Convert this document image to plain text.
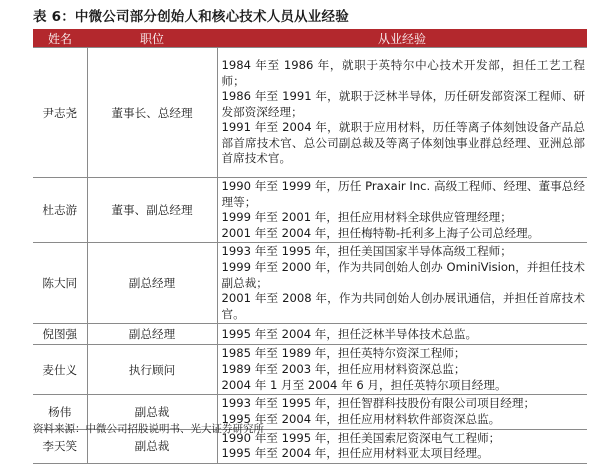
表 6：中微公司部分创始人和核心技术人员从业经验
姓名	职位	从业经验
尹志尧	董事长、总经理	1984 年至 1986 年，就职于英特尔中心技术开发部，担任工艺工程师；
1986 年至 1991 年，就职于泛林半导体，历任研发部资深工程师、研发部资深经理；
1991 年至 2004 年，就职于应用材料，历任等离子体刻蚀设备产品总部首席技术官、总公司副总裁及等离子体刻蚀事业群总经理、亚洲总部首席技术官。

杜志游	董事、副总经理	1990 年至 1999 年，历任 Praxair Inc. 高级工程师、经理、董事总经理等；
1999 年至 2001 年，担任应用材料全球供应管理经理；
2001 年至 2004 年，担任梅特勒-托利多上海子公司总经理。

陈大同	副总经理	1993 年至 1995 年，担任美国国家半导体高级工程师；
1999 年至 2000 年，作为共同创始人创办 OminiVision，并担任技术副总裁；
2001 年至 2008 年，作为共同创始人创办展讯通信，并担任首席技术官。

倪图强	副总经理	1995 年至 2004 年，担任泛林半导体技术总监。

麦仕义	执行顾问	1985 年至 1989 年，担任英特尔资深工程师；
1989 年至 2003 年，担任应用材料资深总监；
2004 年 1 月至 2004 年 6 月，担任英特尔项目经理。

杨伟	副总裁	1993 年至 1995 年，担任智群科技股份有限公司项目经理；
1995 年至 2004 年，担任应用材料软件部资深总监。

李天笑	副总裁	1990 年至 1995 年，担任美国索尼资深电气工程师；
1995 年至 2004 年，担任应用材料亚太项目经理。
资料来源：中微公司招股说明书、光大证券研究所
